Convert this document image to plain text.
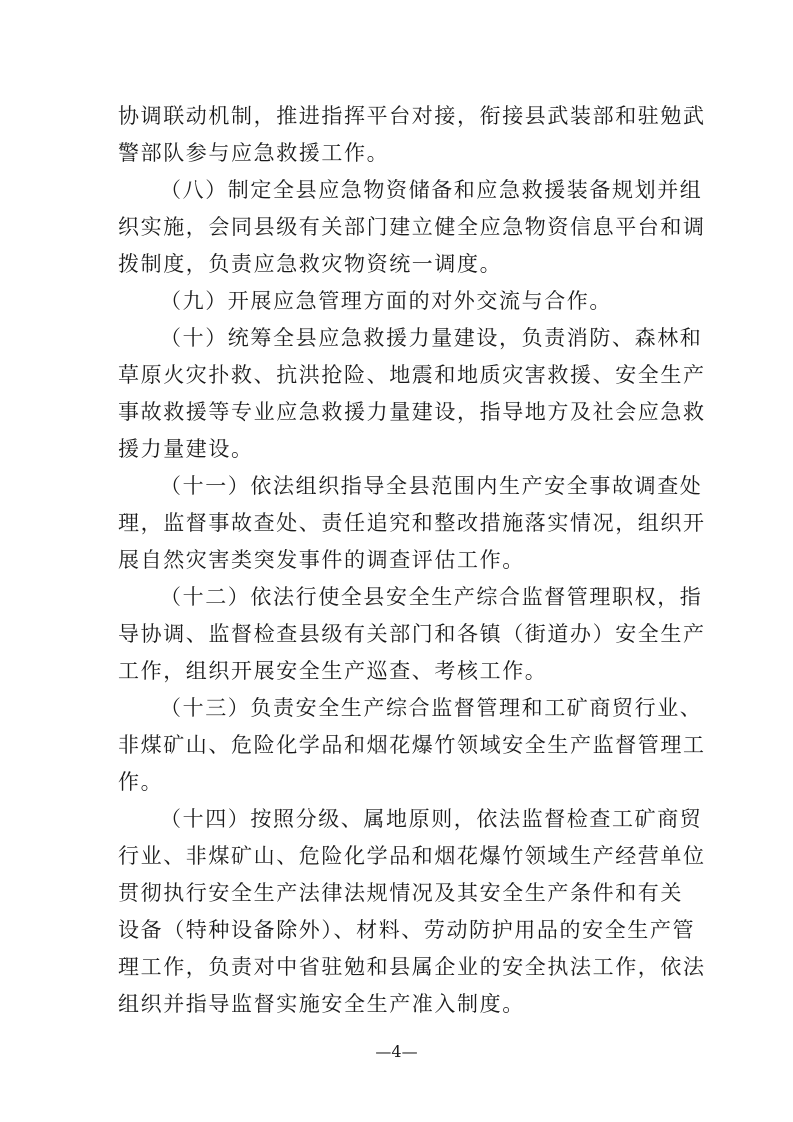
协调联动机制，推进指挥平台对接，衔接县武装部和驻勉武
警部队参与应急救援工作。
（八）制定全县应急物资储备和应急救援装备规划并组
织实施，会同县级有关部门建立健全应急物资信息平台和调
拨制度，负责应急救灾物资统一调度。
（九）开展应急管理方面的对外交流与合作。
（十）统筹全县应急救援力量建设，负责消防、森林和
草原火灾扑救、抗洪抢险、地震和地质灾害救援、安全生产
事故救援等专业应急救援力量建设，指导地方及社会应急救
援力量建设。
（十一）依法组织指导全县范围内生产安全事故调查处
理，监督事故查处、责任追究和整改措施落实情况，组织开
展自然灾害类突发事件的调查评估工作。
（十二）依法行使全县安全生产综合监督管理职权，指
导协调、监督检查县级有关部门和各镇（街道办）安全生产
工作，组织开展安全生产巡查、考核工作。
（十三）负责安全生产综合监督管理和工矿商贸行业、
非煤矿山、危险化学品和烟花爆竹领域安全生产监督管理工
作。
（十四）按照分级、属地原则，依法监督检查工矿商贸
行业、非煤矿山、危险化学品和烟花爆竹领域生产经营单位
贯彻执行安全生产法律法规情况及其安全生产条件和有关
设备（特种设备除外）、材料、劳动防护用品的安全生产管
理工作，负责对中省驻勉和县属企业的安全执法工作，依法
组织并指导监督实施安全生产准入制度。
—4—
